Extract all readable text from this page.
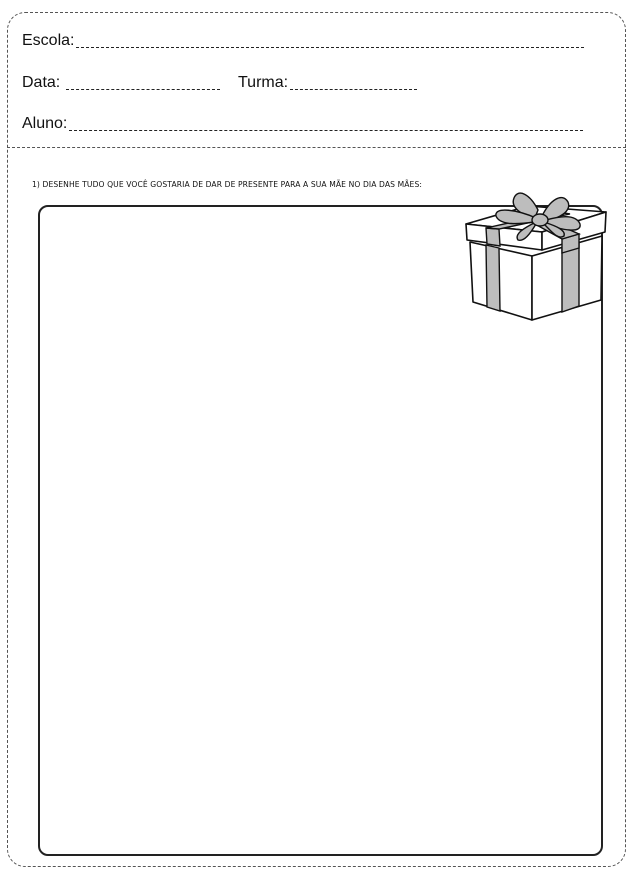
Escola:
Data:	Turma:
Aluno:
1) DESENHE TUDO QUE VOCÊ GOSTARIA DE DAR DE PRESENTE PARA A SUA MÃE NO DIA DAS MÃES:
